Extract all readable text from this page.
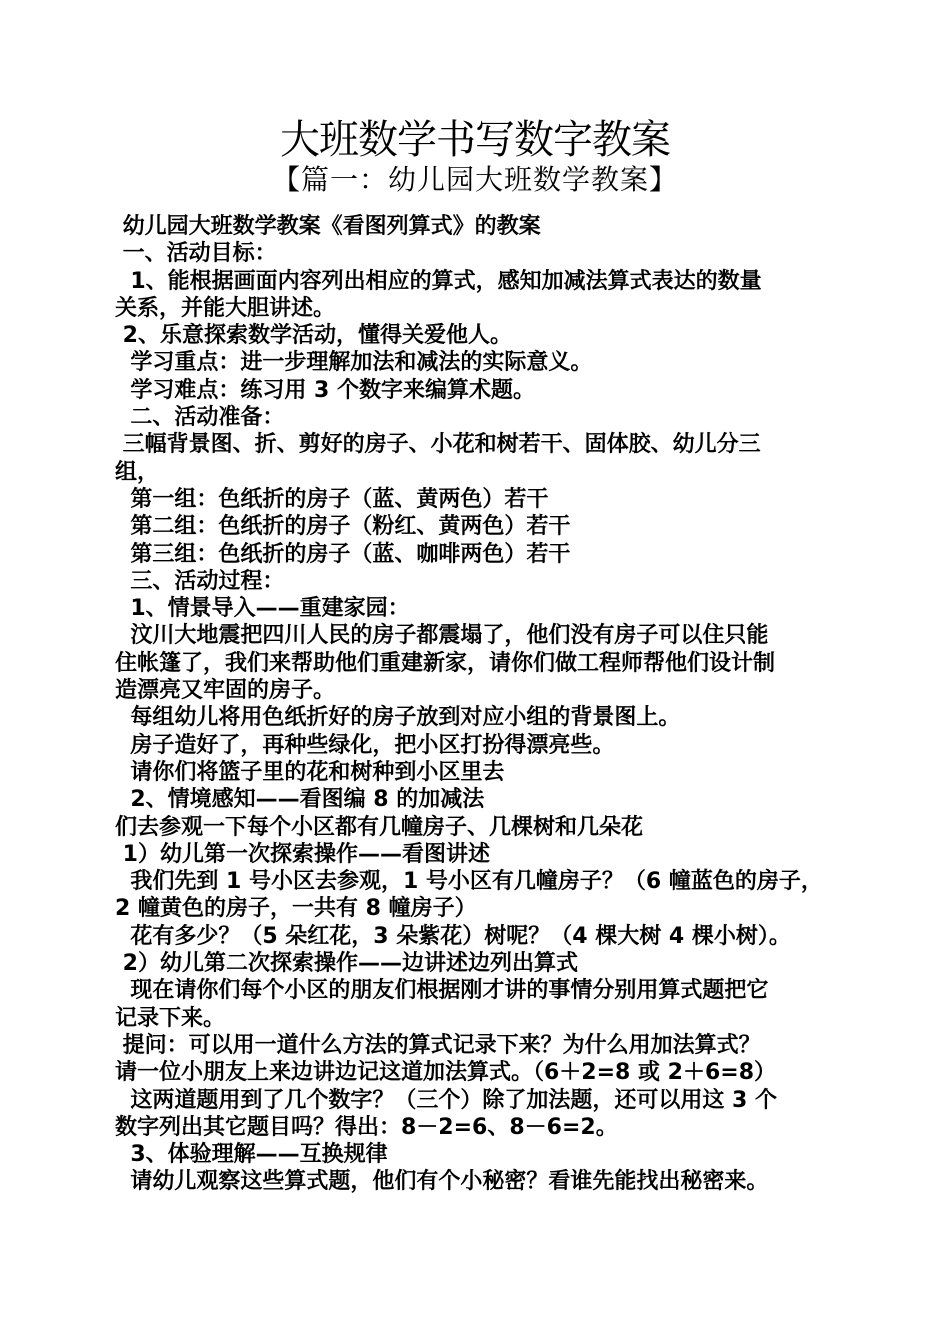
大班数学书写数字教案
【篇一：幼儿园大班数学教案】
幼儿园大班数学教案《看图列算式》的教案
一、活动目标：
1、能根据画面内容列出相应的算式，感知加减法算式表达的数量
关系，并能大胆讲述。
2、乐意探索数学活动，懂得关爱他人。
学习重点：进一步理解加法和减法的实际意义。
学习难点：练习用 3 个数字来编算术题。
二、活动准备：
三幅背景图、折、剪好的房子、小花和树若干、固体胶、幼儿分三
组，
第一组：色纸折的房子（蓝、黄两色）若干
第二组：色纸折的房子（粉红、黄两色）若干
第三组：色纸折的房子（蓝、咖啡两色）若干
三、活动过程：
1、情景导入——重建家园：
汶川大地震把四川人民的房子都震塌了，他们没有房子可以住只能
住帐篷了，我们来帮助他们重建新家，请你们做工程师帮他们设计制
造漂亮又牢固的房子。
每组幼儿将用色纸折好的房子放到对应小组的背景图上。
房子造好了，再种些绿化，把小区打扮得漂亮些。
请你们将篮子里的花和树种到小区里去
2、情境感知——看图编 8 的加减法
们去参观一下每个小区都有几幢房子、几棵树和几朵花
1）幼儿第一次探索操作——看图讲述
我们先到 1 号小区去参观，1 号小区有几幢房子？（6 幢蓝色的房子，
2 幢黄色的房子，一共有 8 幢房子）
花有多少？（5 朵红花，3 朵紫花）树呢？（4 棵大树 4 棵小树）。
2）幼儿第二次探索操作——边讲述边列出算式
现在请你们每个小区的朋友们根据刚才讲的事情分别用算式题把它
记录下来。
提问：可以用一道什么方法的算式记录下来？为什么用加法算式？
请一位小朋友上来边讲边记这道加法算式。（6＋2=8 或 2＋6=8）
这两道题用到了几个数字？（三个）除了加法题，还可以用这 3 个
数字列出其它题目吗？得出：8－2=6、8－6=2。
3、体验理解——互换规律
请幼儿观察这些算式题，他们有个小秘密？看谁先能找出秘密来。
